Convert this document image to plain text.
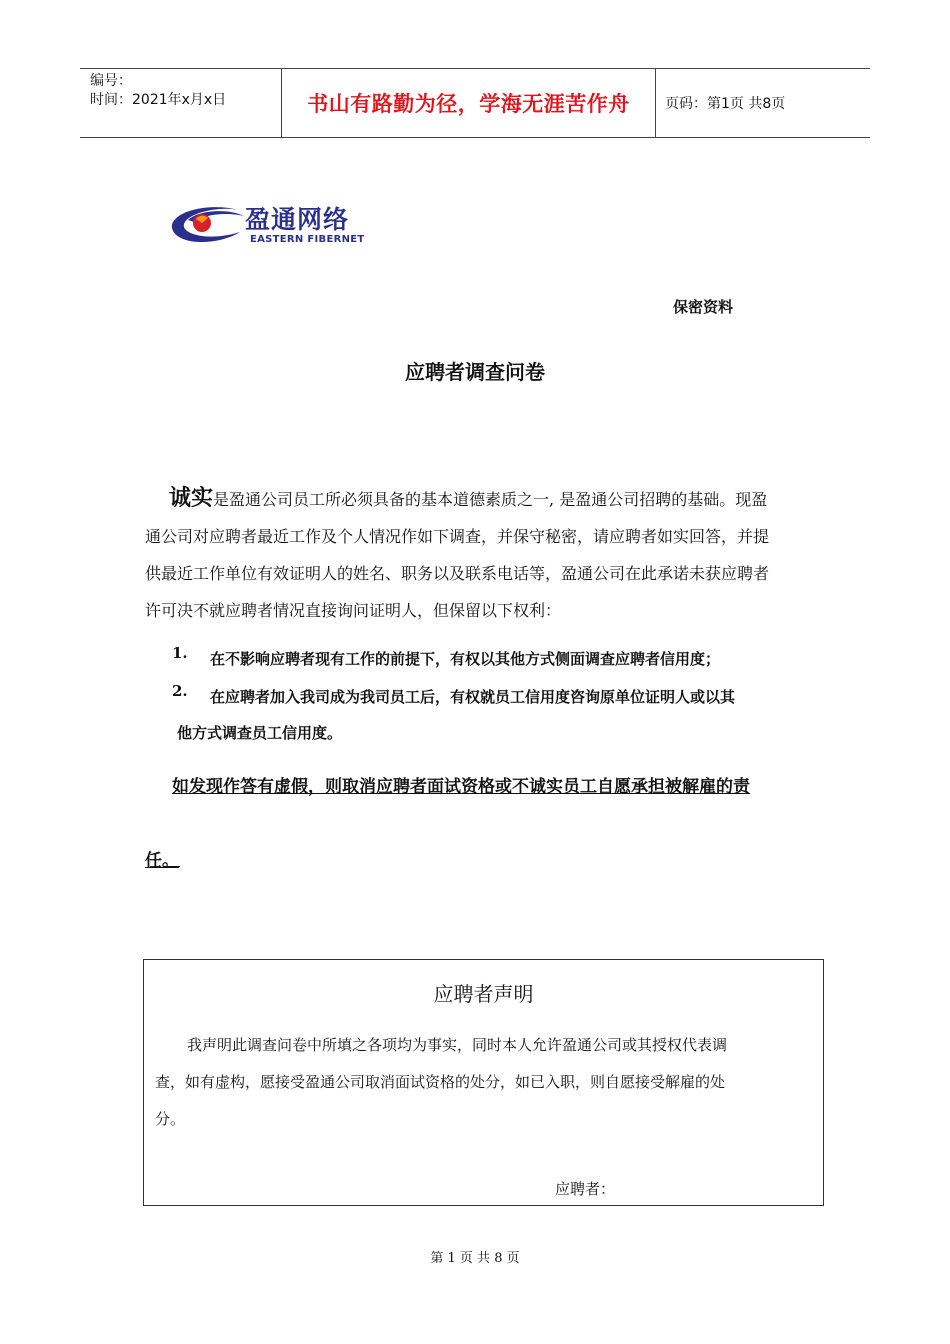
编号：
时间：2021年x月x日	书山有路勤为径，学海无涯苦作舟	页码：第1页 共8页
盈通网络
EASTERN FIBERNET
保密资料
应聘者调查问卷
诚实是盈通公司员工所必须具备的基本道德素质之一, 是盈通公司招聘的基础。现盈
通公司对应聘者最近工作及个人情况作如下调查，并保守秘密，请应聘者如实回答，并提
供最近工作单位有效证明人的姓名、职务以及联系电话等，盈通公司在此承诺未获应聘者
许可决不就应聘者情况直接询问证明人，但保留以下权利：
1. 在不影响应聘者现有工作的前提下，有权以其他方式侧面调查应聘者信用度；
2. 在应聘者加入我司成为我司员工后，有权就员工信用度咨询原单位证明人或以其
他方式调查员工信用度。
如发现作答有虚假，则取消应聘者面试资格或不诚实员工自愿承担被解雇的责
任。
应聘者声明
我声明此调查问卷中所填之各项均为事实，同时本人允许盈通公司或其授权代表调
查，如有虚构，愿接受盈通公司取消面试资格的处分，如已入职，则自愿接受解雇的处
分。
应聘者：
第 1 页 共 8 页
